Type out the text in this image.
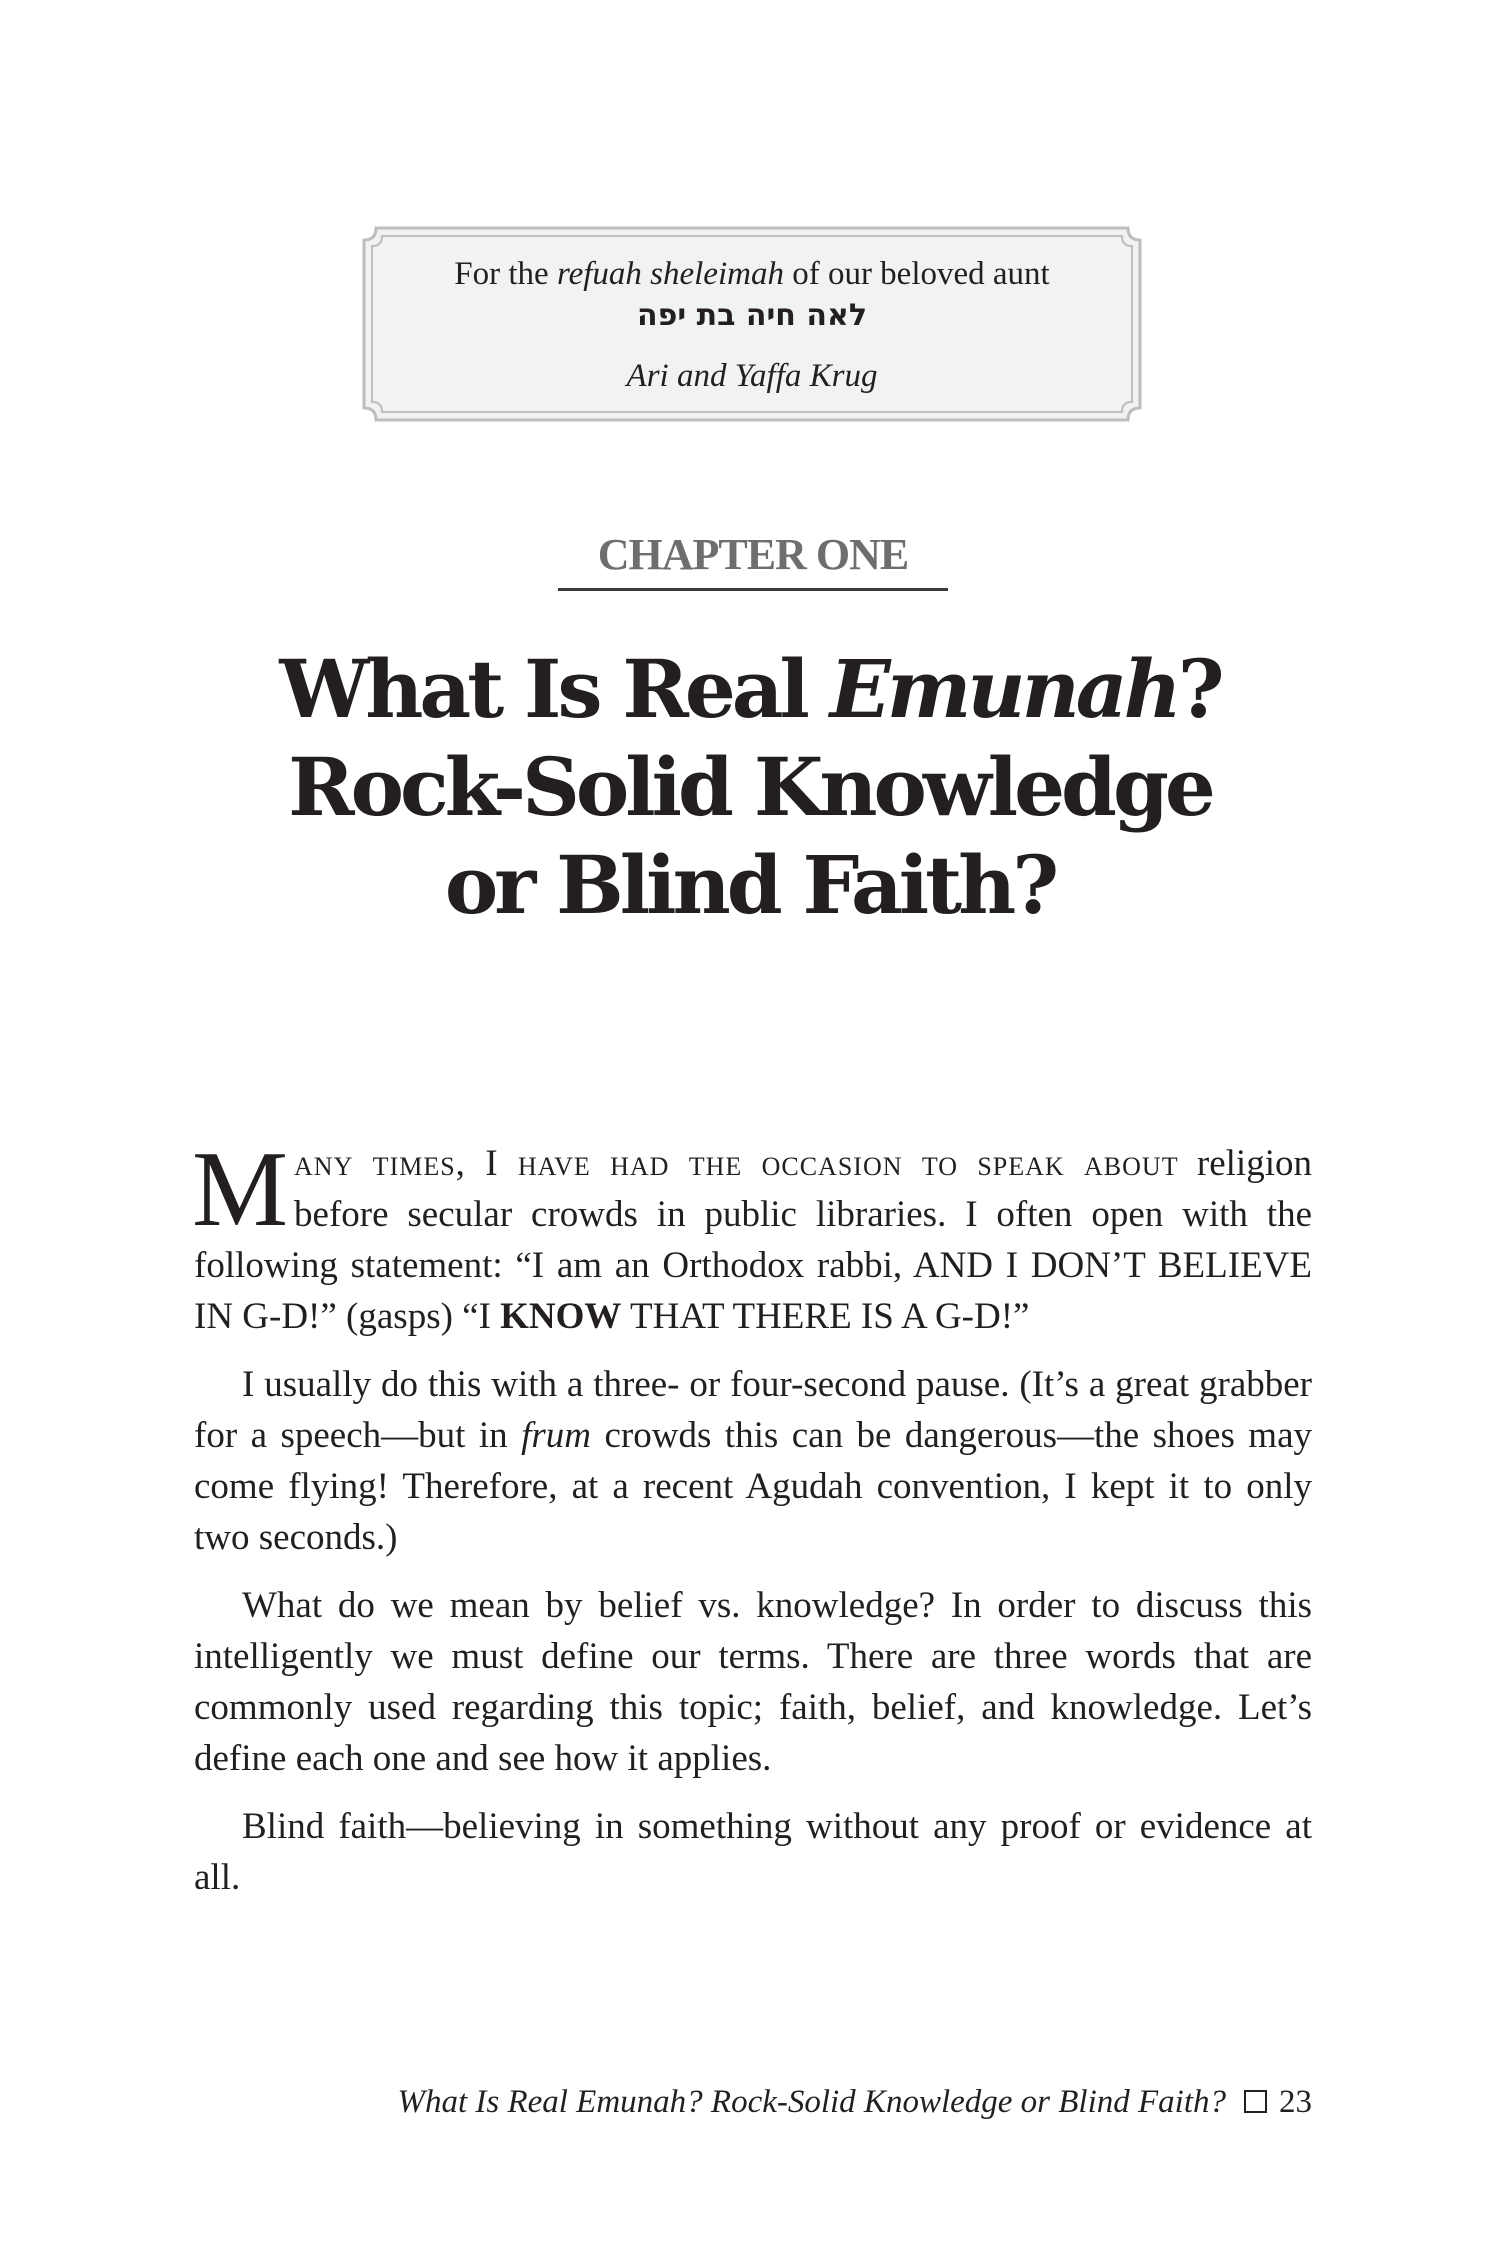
For the refuah sheleimah of our beloved aunt
לאה חיה בת יפה
Ari and Yaffa Krug
CHAPTER ONE
What Is Real Emunah?
Rock-Solid Knowledge
or Blind Faith?

Many times, I have had the occasion to speak about religion before secular crowds in public libraries. I often open with the following statement: “I am an Orthodox rabbi, AND I DON’T BELIEVE IN G-D!” (gasps) “I KNOW THAT THERE IS A G-D!”

I usually do this with a three- or four-second pause. (It’s a great grabber for a speech—but in frum crowds this can be dangerous—the shoes may come flying! Therefore, at a recent Agudah convention, I kept it to only two seconds.)

What do we mean by belief vs. knowledge? In order to discuss this intelligently we must define our terms. There are three words that are commonly used regarding this topic; faith, belief, and knowledge. Let’s define each one and see how it applies.

Blind faith—believing in something without any proof or evidence at all.

What Is Real Emunah? Rock-Solid Knowledge or Blind Faith? 23
